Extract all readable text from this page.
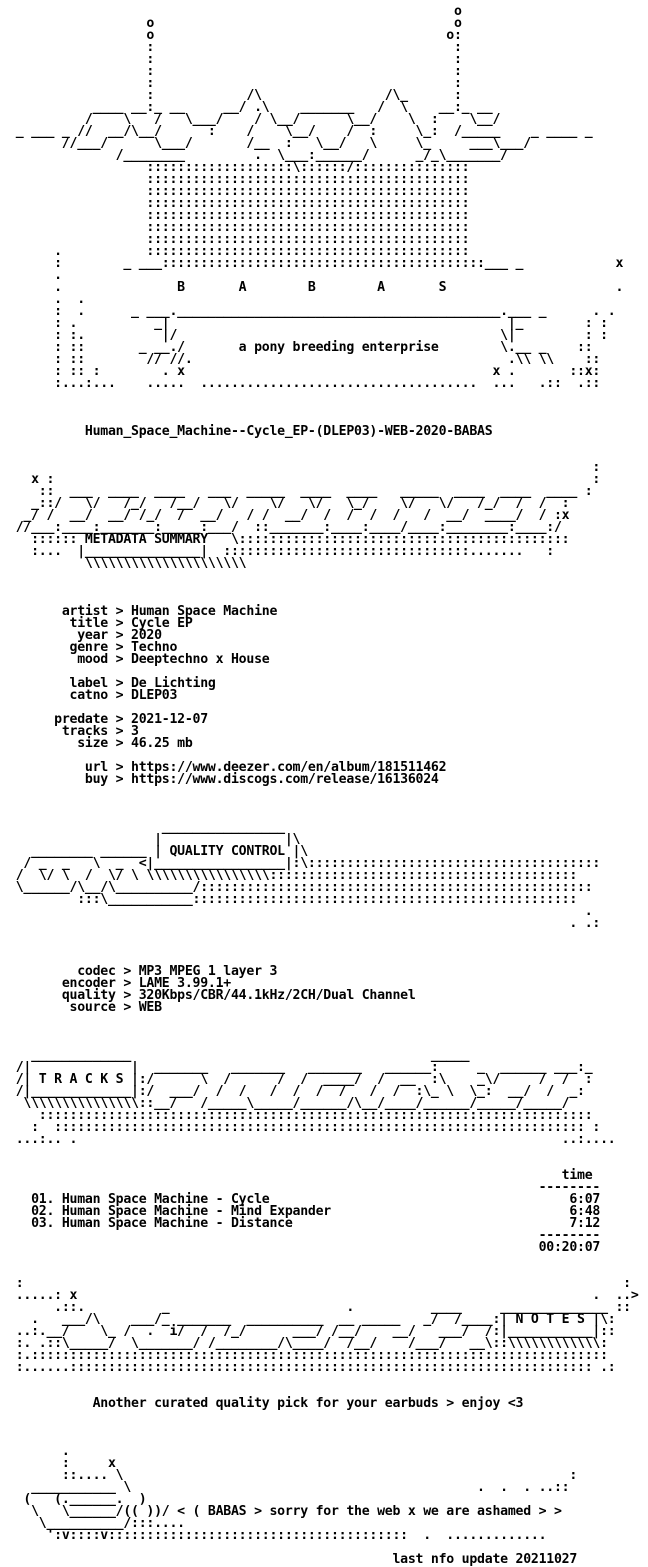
o
o                                       o
o                                      o:
:                                       :
:                                       :
:                                       :
:                                       :
:            /\                /\_      :
____ __:_ __     __/ .\    _______   /  \    __:_ __
/    \   /   \___/    / \__/      \__/    \  :    \__/
_ ___ _ //  __/\__/      :    /    \__/    /  :     \_:  /_____    _ ____ _
//___/      \___/       /__  :   \__/   \     \_     ___\___/
/________         .  \___:______/      _/_\_______/
:::::::::::::::::::\::::::/:::::::::::::::
::::::::::::::::::::::::::::::::::::::::::
::::::::::::::::::::::::::::::::::::::::::
::::::::::::::::::::::::::::::::::::::::::
::::::::::::::::::::::::::::::::::::::::::
::::::::::::::::::::::::::::::::::::::::::
::::::::::::::::::::::::::::::::::::::::::
.           ::::::::::::::::::::::::::::::::::::::::::
:        _ ___::::::::::::::::::::::::::::::::::::::::::___ _            x
.
.               B       A        B        A       S                      .
.  .
:  .      _ ___.__________________________________________.___ _      . .
: .          _|                                            |_        : :
: :.          |/                                          \|         : :
: ::       _ __./       a pony breeding enterprise        \.__ _    ::
: ::        // //.                                         .\\ \\    ::
: :: :        . x                                        x .       ::x:
:...:...    .....  ....................................  ...   .::  .::
Human_Space_Machine--Cycle_EP-(DLEP03)-WEB-2020-BABAS
:
x :                                                                      :
::  ___  ____  ____   ___  _____  ____  ____   _____  ____  ____  ____ :
_::/   \/   /_/   /__/   \/    \/   \/   \_/    \/   \/   /_/  /  /  :
_/ /  __/  __/ /_/  /  __/   / /  __/  /  /  /  /   /  __/  ____/  / :x
//___:____:_______:_____:___/  ::_______:____:____/____:________:____:/
:::::: METADATA SUMMARY   \:::::::::::::::::::::::::::::::::::::::::::
:...  |_______________|  ::::::::::::::::::::::::::::::::.......   :
\\\\\\\\\\\\\\\\\\\\\
artist > Human Space Machine
title > Cycle EP
year > 2020
genre > Techno
mood > Deeptechno x House
label > De Lichting
catno > DLEP03
predate > 2021-12-07
tracks > 3
size > 46.25 mb
url > https://www.deezer.com/en/album/181511462
buy > https://www.discogs.com/release/16136024
________________
|                |\
________ ______ | QUALITY CONTROL |\
/ _  _   \  _  <|_________________|:\::::::::::::::::::::::::::::::::::::::
/  \/ \  /  \/ \ \\\\\\\\\\\\\\\\::::::::::::::::::::::::::::::::::::::::
\______/\__/\__________/:::::::::::::::::::::::::::::::::::::::::::::::::::
:::\___________::::::::::::::::::::::::::::::::::::::::::::::::::
.
. .:
codec > MP3 MPEG 1 layer 3
encoder > LAME 3.99.1+
quality > 320Kbps/CBR/44.1kHz/2CH/Dual Channel
source > WEB
_____________                                       _____
/|             |  _______   _______   _______   ______:     _  ______ ___:_
/| T R A C K S |:/      \  /      /  /  ____/  /  __  :\    _\/     /  /  :
/|_____________|:/  ___/  /  /   /  /  /  /   /  /  :\_ \  \_:  __/  /  _:
\\\\\\\\\\\\\\\::__/   /_____\_____/______/\__/____/______/_____/_____/
::::::::::::::::::::::::::::::::::::::::::::::::::::::::::::::::::::::::
:  ::::::::::::::::::::::::::::::::::::::::::::::::::::::::::::::::::::: :
...:.. .                                                               ..:....
time
--------
01. Human Space Machine - Cycle                                       6:07
02. Human Space Machine - Mind Expander                               6:48
03. Human Space Machine - Distance                                    7:12
--------
00:20:07
:                                                                              :
.....: x                                                                   .  ..>
.::.          _                       .          ____     ______________ ::
.   ___/\    ___/_ _______  __________  __ _____   _/  /____:| N O T E S |\:
..:.__/    \_ /  .  i/  /  /_/      ___/ /__/    __/   ___/  /:|___________|::
:. .::\_____/  \_______/ /________/\____/  /__/    /___/   __\::\\\\\\\\\\\\:
:.:::::::::::::::::::::::::::::::::::::::::::::::::::::::::::::::::::::::::::
:......:::::::::::::::::::::::::::::::::::::::::::::::::::::::::::::::::::: .:
Another curated quality pick for your earbuds > enjoy <3
.
:     x
::.... \                                                          :
___________ \                                             .  .  . ..::
(   (.______.  )
\   \______/(( ))/ < ( BABAS > sorry for the web x we are ashamed > >
\__________/:::....
':v::::v:::::::::::::::::::::::::::::::::::::::  .  .............
last nfo update 20211027
